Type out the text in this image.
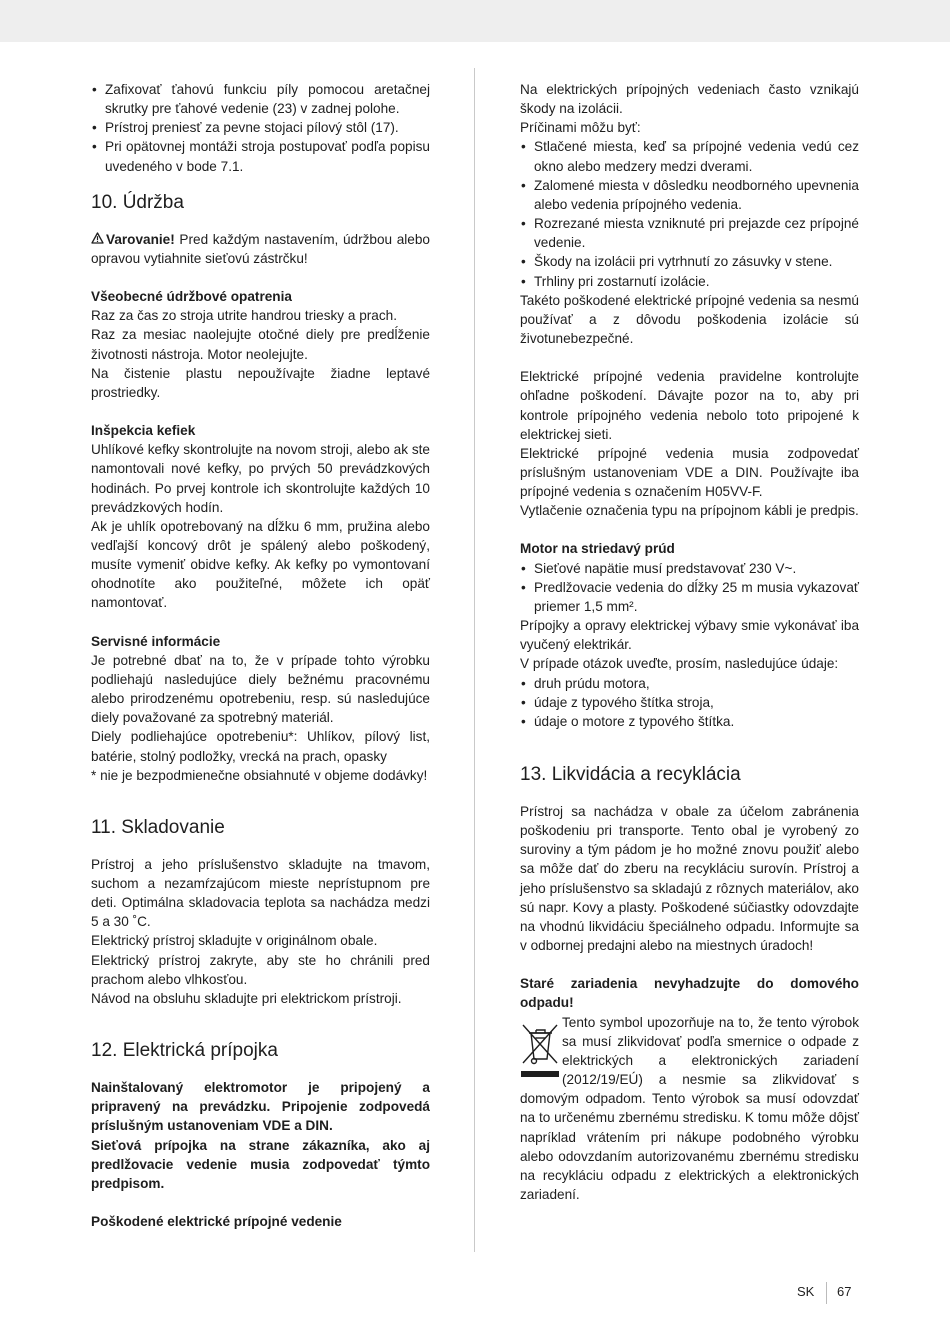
• Zafixovať ťahovú funkciu píly pomocou aretačnej skrutky pre ťahové vedenie (23) v zadnej polohe.
• Prístroj preniesť za pevne stojaci pílový stôl (17).
• Pri opätovnej montáži stroja postupovať podľa popisu uvedeného v bode 7.1.
10. Údržba

Varovanie! Pred každým nastavením, údržbou alebo opravou vytiahnite sieťovú zástrčku!

Všeobecné údržbové opatrenia

Raz za čas zo stroja utrite handrou triesky a prach.

Raz za mesiac naolejujte otočné diely pre predĺženie životnosti nástroja. Motor neolejujte.

Na čistenie plastu nepoužívajte žiadne leptavé prostriedky.

Inšpekcia kefiek

Uhlíkové kefky skontrolujte na novom stroji, alebo ak ste namontovali nové kefky, po prvých 50 prevádzkových hodinách. Po prvej kontrole ich skontrolujte každých 10 prevádzkových hodín.

Ak je uhlík opotrebovaný na dĺžku 6 mm, pružina alebo vedľajší koncový drôt je spálený alebo poškodený, musíte vymeniť obidve kefky. Ak kefky po vymontovaní ohodnotíte ako použiteľné, môžete ich opäť namontovať.

Servisné informácie

Je potrebné dbať na to, že v prípade tohto výrobku podliehajú nasledujúce diely bežnému pracovnému alebo prirodzenému opotrebeniu, resp. sú nasledujúce diely považované za spotrebný materiál.

Diely podliehajúce opotrebeniu*: Uhlíkov, pílový list, batérie, stolný podložky, vrecká na prach, opasky

* nie je bezpodmienečne obsiahnuté v objeme dodávky!

11. Skladovanie

Prístroj a jeho príslušenstvo skladujte na tmavom, suchom a nezamŕzajúcom mieste neprístupnom pre deti. Optimálna skladovacia teplota sa nachádza medzi 5 a 30 ˚C.

Elektrický prístroj skladujte v originálnom obale.

Elektrický prístroj zakryte, aby ste ho chránili pred prachom alebo vlhkosťou.

Návod na obsluhu skladujte pri elektrickom prístroji.

12. Elektrická prípojka

Nainštalovaný elektromotor je pripojený a pripravený na prevádzku. Pripojenie zodpovedá príslušným ustanoveniam VDE a DIN.

Sieťová prípojka na strane zákazníka, ako aj predlžovacie vedenie musia zodpovedať týmto predpisom.

Poškodené elektrické prípojné vedenie

Na elektrických prípojných vedeniach často vznikajú škody na izolácii.

Príčinami môžu byť:

• Stlačené miesta, keď sa prípojné vedenia vedú cez okno alebo medzery medzi dverami.
• Zalomené miesta v dôsledku neodborného upevnenia alebo vedenia prípojného vedenia.
• Rozrezané miesta vzniknuté pri prejazde cez prípojné vedenie.
• Škody na izolácii pri vytrhnutí zo zásuvky v stene.
• Trhliny pri zostarnutí izolácie.

Takéto poškodené elektrické prípojné vedenia sa nesmú používať a z dôvodu poškodenia izolácie sú životunebezpečné.

Elektrické prípojné vedenia pravidelne kontrolujte ohľadne poškodení. Dávajte pozor na to, aby pri kontrole prípojného vedenia nebolo toto pripojené k elektrickej sieti.

Elektrické prípojné vedenia musia zodpovedať príslušným ustanoveniam VDE a DIN. Používajte iba prípojné vedenia s označením H05VV-F.

Vytlačenie označenia typu na prípojnom kábli je predpis.

Motor na striedavý prúd

• Sieťové napätie musí predstavovať 230 V~.
• Predlžovacie vedenia do dĺžky 25 m musia vykazovať priemer 1,5 mm².

Prípojky a opravy elektrickej výbavy smie vykonávať iba vyučený elektrikár.

V prípade otázok uveďte, prosím, nasledujúce údaje:

• druh prúdu motora,
• údaje z typového štítka stroja,
• údaje o motore z typového štítka.
13. Likvidácia a recyklácia

Prístroj sa nachádza v obale za účelom zabránenia poškodeniu pri transporte. Tento obal je vyrobený zo suroviny a tým pádom je ho možné znovu použiť alebo sa môže dať do zberu na recykláciu surovín. Prístroj a jeho príslušenstvo sa skladajú z rôznych materiálov, ako sú napr. Kovy a plasty. Poškodené súčiastky odovzdajte na vhodnú likvidáciu špeciálneho odpadu. Informujte sa v odbornej predajni alebo na miestnych úradoch!

Staré zariadenia nevyhadzujte do domového odpadu!

Tento symbol upozorňuje na to, že tento výrobok sa musí zlikvidovať podľa smernice o odpade z elektrických a elektronických zariadení (2012/19/EÚ) a nesmie sa zlikvidovať s domovým odpadom. Tento výrobok sa musí odovzdať na to určenému zbernému stredisku. K tomu môže dôjsť napríklad vrátením pri nákupe podobného výrobku alebo odovzdaním autorizovanému zbernému stredisku na recykláciu odpadu z elektrických a elektronických zariadení.

SK 67
